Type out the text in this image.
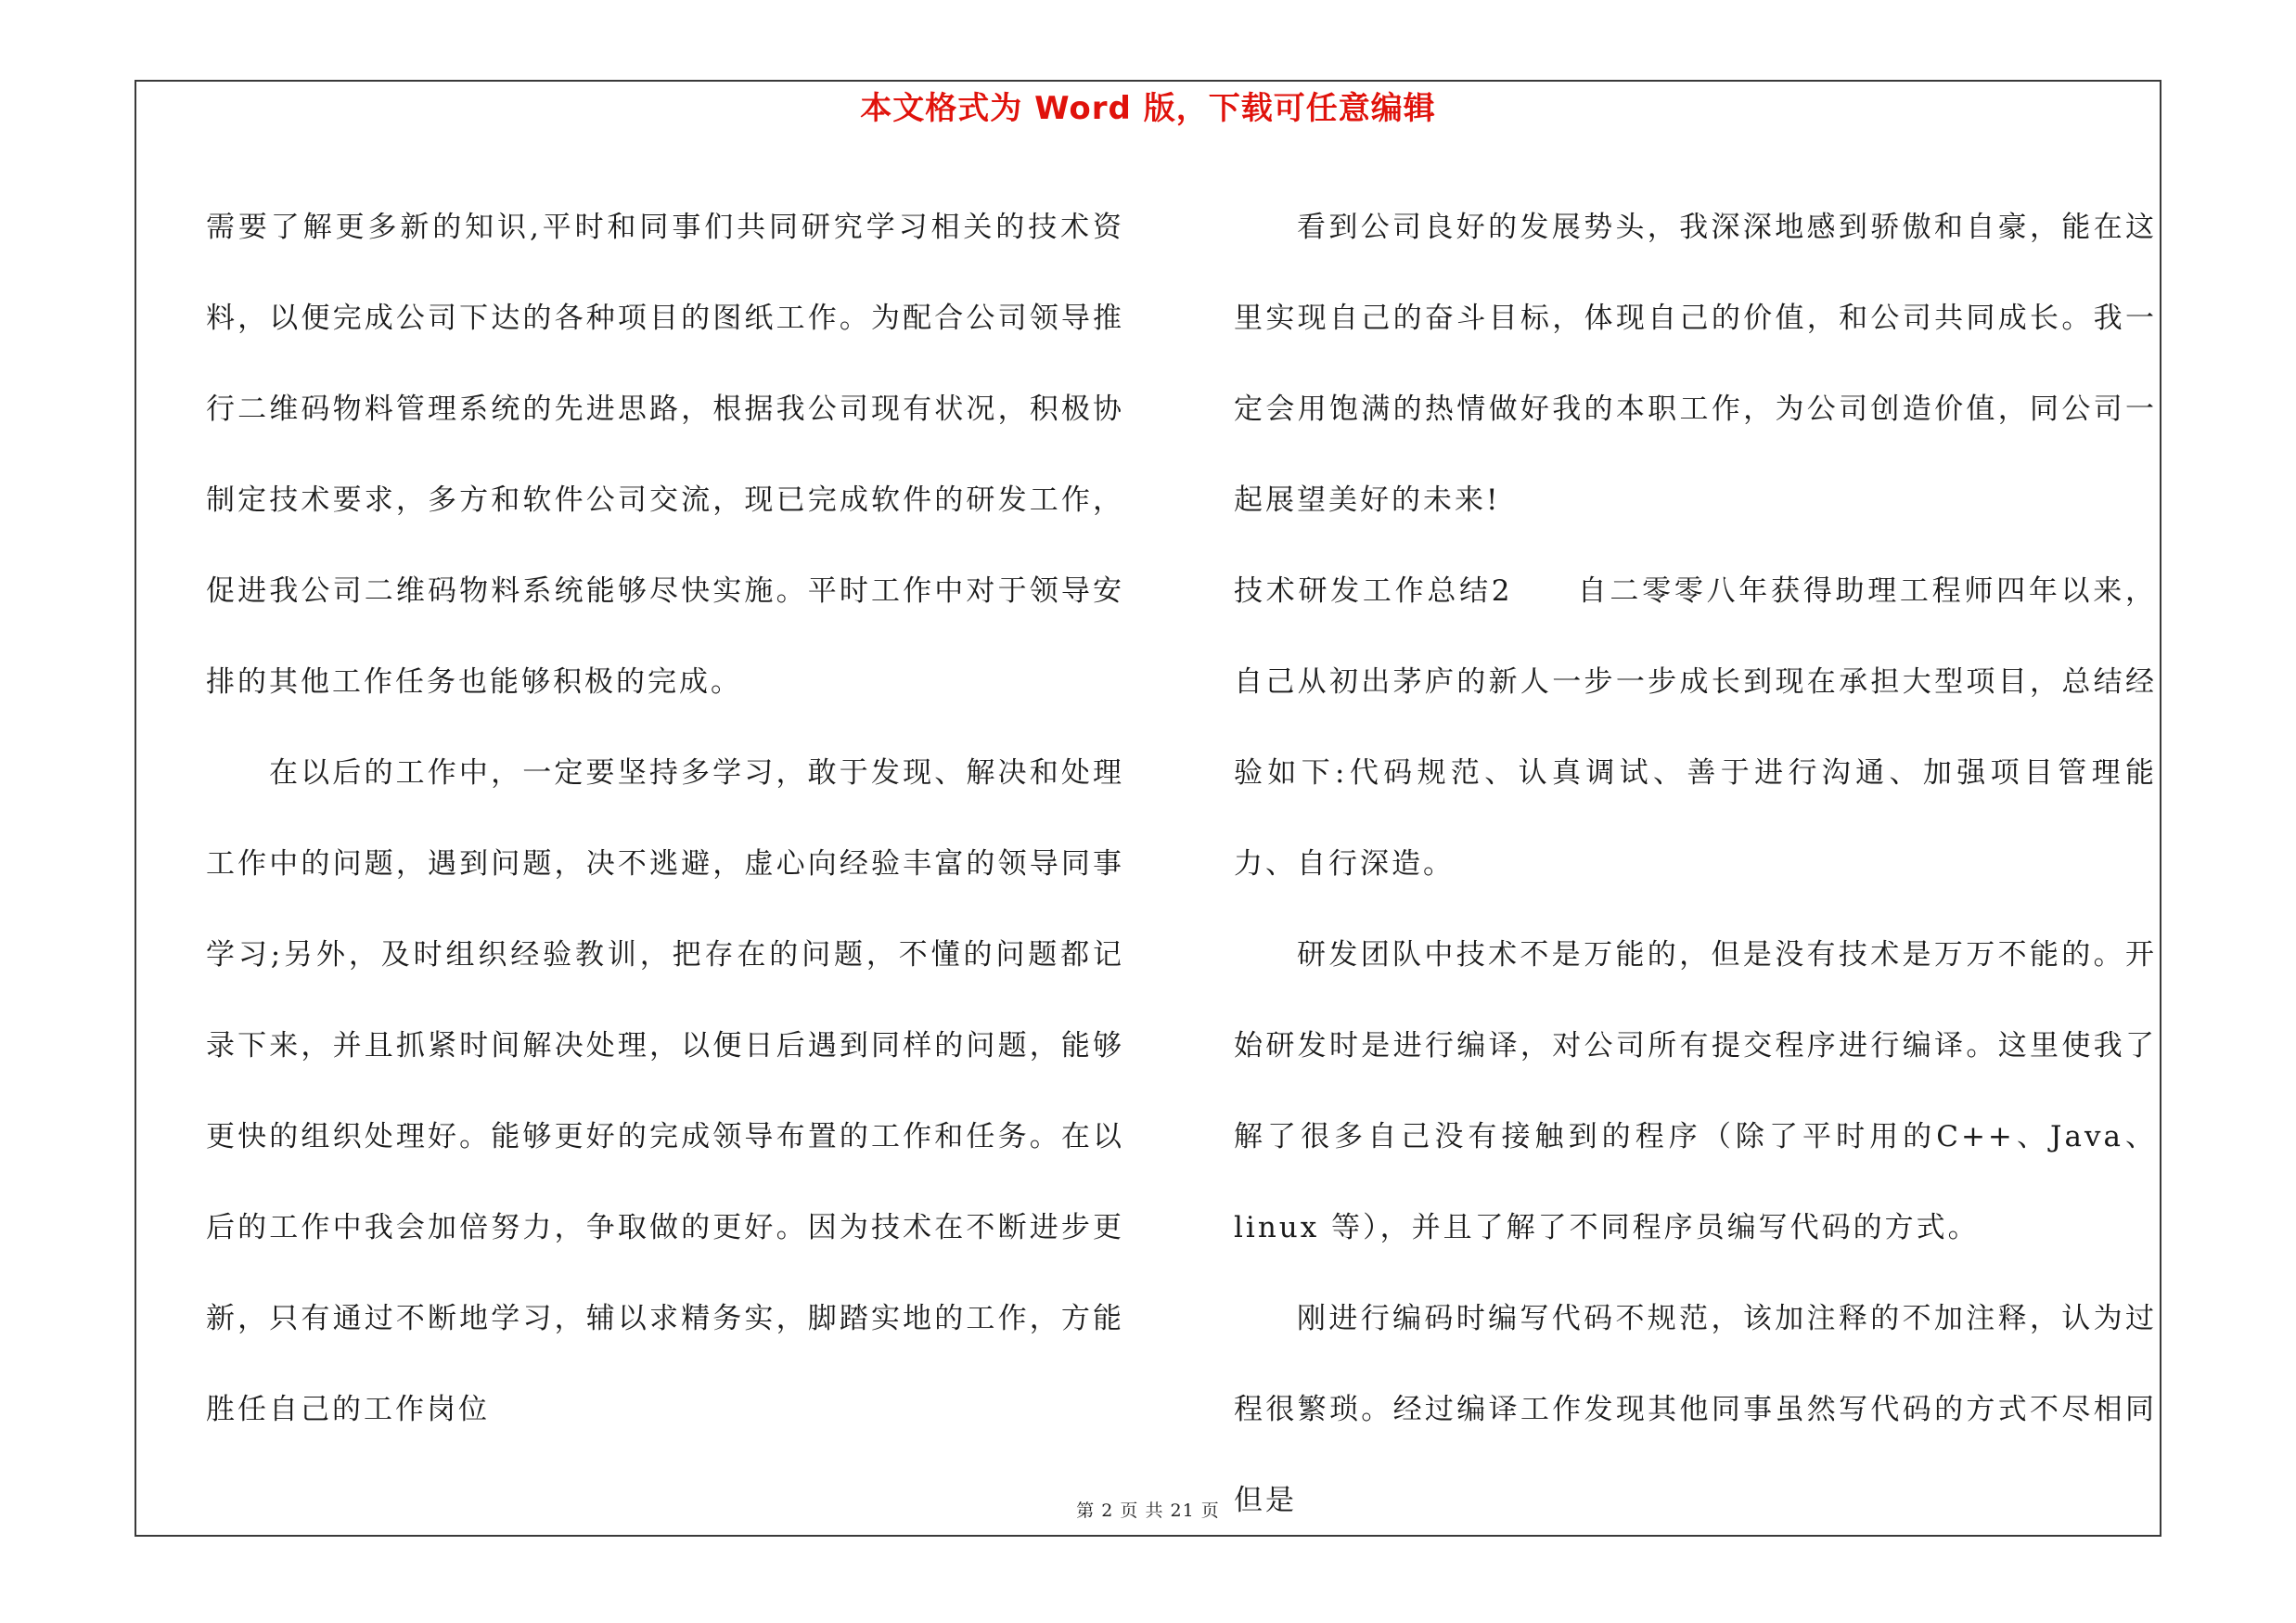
本文格式为 Word 版，下载可任意编辑

需要了解更多新的知识,平时和同事们共同研究学习相关的技术资料，以便完成公司下达的各种项目的图纸工作。为配合公司领导推行二维码物料管理系统的先进思路，根据我公司现有状况，积极协制定技术要求，多方和软件公司交流，现已完成软件的研发工作，促进我公司二维码物料系统能够尽快实施。平时工作中对于领导安排的其他工作任务也能够积极的完成。

在以后的工作中，一定要坚持多学习，敢于发现、解决和处理工作中的问题，遇到问题，决不逃避，虚心向经验丰富的领导同事学习;另外，及时组织经验教训，把存在的问题，不懂的问题都记录下来，并且抓紧时间解决处理，以便日后遇到同样的问题，能够更快的组织处理好。能够更好的完成领导布置的工作和任务。在以后的工作中我会加倍努力，争取做的更好。因为技术在不断进步更新，只有通过不断地学习，辅以求精务实，脚踏实地的工作，方能胜任自己的工作岗位

看到公司良好的发展势头，我深深地感到骄傲和自豪，能在这里实现自己的奋斗目标，体现自己的价值，和公司共同成长。我一定会用饱满的热情做好我的本职工作，为公司创造价值，同公司一起展望美好的未来!

技术研发工作总结2　　自二零零八年获得助理工程师四年以来，自己从初出茅庐的新人一步一步成长到现在承担大型项目，总结经验如下:代码规范、认真调试、善于进行沟通、加强项目管理能力、自行深造。

研发团队中技术不是万能的，但是没有技术是万万不能的。开始研发时是进行编译，对公司所有提交程序进行编译。这里使我了解了很多自己没有接触到的程序（除了平时用的C++、Java、linux 等），并且了解了不同程序员编写代码的方式。

刚进行编码时编写代码不规范，该加注释的不加注释，认为过程很繁琐。经过编译工作发现其他同事虽然写代码的方式不尽相同但是

第 2 页 共 21 页
